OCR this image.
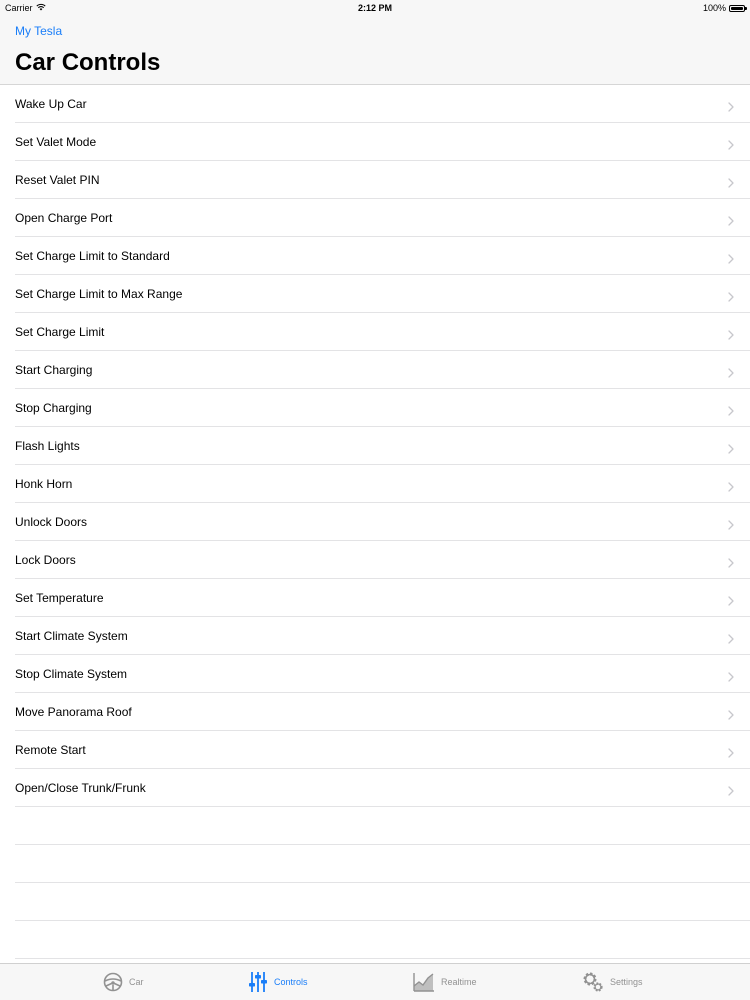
Carrier	2:12 PM	100%
My Tesla
Car Controls
Wake Up Car
Set Valet Mode
Reset Valet PIN
Open Charge Port
Set Charge Limit to Standard
Set Charge Limit to Max Range
Set Charge Limit
Start Charging
Stop Charging
Flash Lights
Honk Horn
Unlock Doors
Lock Doors
Set Temperature
Start Climate System
Stop Climate System
Move Panorama Roof
Remote Start
Open/Close Trunk/Frunk
Car	Controls	Realtime	Settings
